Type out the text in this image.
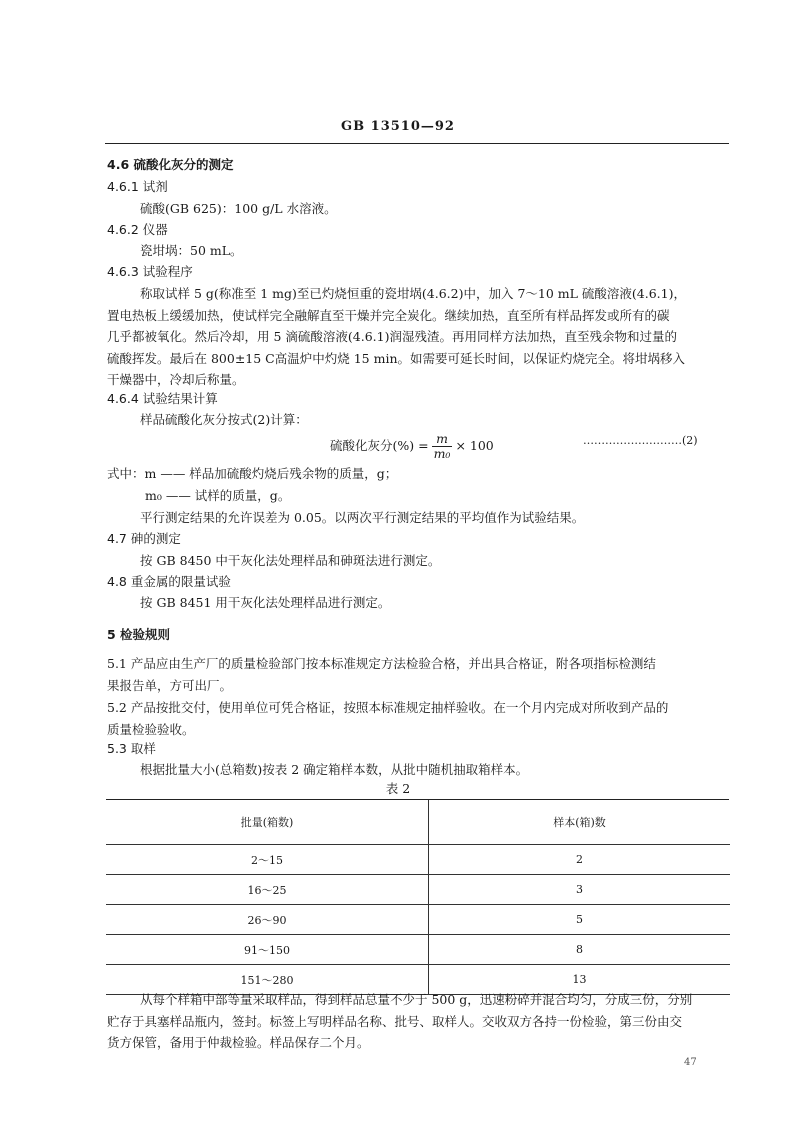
GB 13510—92
4.6 硫酸化灰分的测定
4.6.1 试剂
硫酸(GB 625)：100 g/L 水溶液。
4.6.2 仪器
瓷坩埚：50 mL。
4.6.3 试验程序
称取试样 5 g(称准至 1 mg)至已灼烧恒重的瓷坩埚(4.6.2)中，加入 7～10 mL 硫酸溶液(4.6.1)，
置电热板上缓缓加热，使试样完全融解直至干燥并完全炭化。继续加热，直至所有样品挥发或所有的碳
几乎都被氧化。然后冷却，用 5 滴硫酸溶液(4.6.1)润湿残渣。再用同样方法加热，直至残余物和过量的
硫酸挥发。最后在 800±15 C高温炉中灼烧 15 min。如需要可延长时间，以保证灼烧完全。将坩埚移入
干燥器中，冷却后称量。
4.6.4 试验结果计算
样品硫酸化灰分按式(2)计算：
硫酸化灰分(%) = $\frac{m}{\text{m₀}} \times 100$	………………………(2)
式中：m —— 样品加硫酸灼烧后残余物的质量，g；
m₀ —— 试样的质量，g。
平行测定结果的允许误差为 0.05。以两次平行测定结果的平均值作为试验结果。
4.7 砷的测定
按 GB 8450 中干灰化法处理样品和砷斑法进行测定。
4.8 重金属的限量试验
按 GB 8451 用干灰化法处理样品进行测定。
5 检验规则
5.1 产品应由生产厂的质量检验部门按本标准规定方法检验合格，并出具合格证，附各项指标检测结
果报告单，方可出厂。
5.2 产品按批交付，使用单位可凭合格证，按照本标准规定抽样验收。在一个月内完成对所收到产品的
质量检验验收。
5.3 取样
根据批量大小(总箱数)按表 2 确定箱样本数，从批中随机抽取箱样本。
表 2
批量(箱数)	样本(箱)数
2～15	2
16～25	3
26～90	5
91～150	8
151～280	13
从每个样箱中部等量采取样品，得到样品总量不少于 500 g，迅速粉碎并混合均匀，分成三份，分别
贮存于具塞样品瓶内，签封。标签上写明样品名称、批号、取样人。交收双方各持一份检验，第三份由交
货方保管，备用于仲裁检验。样品保存二个月。
47
